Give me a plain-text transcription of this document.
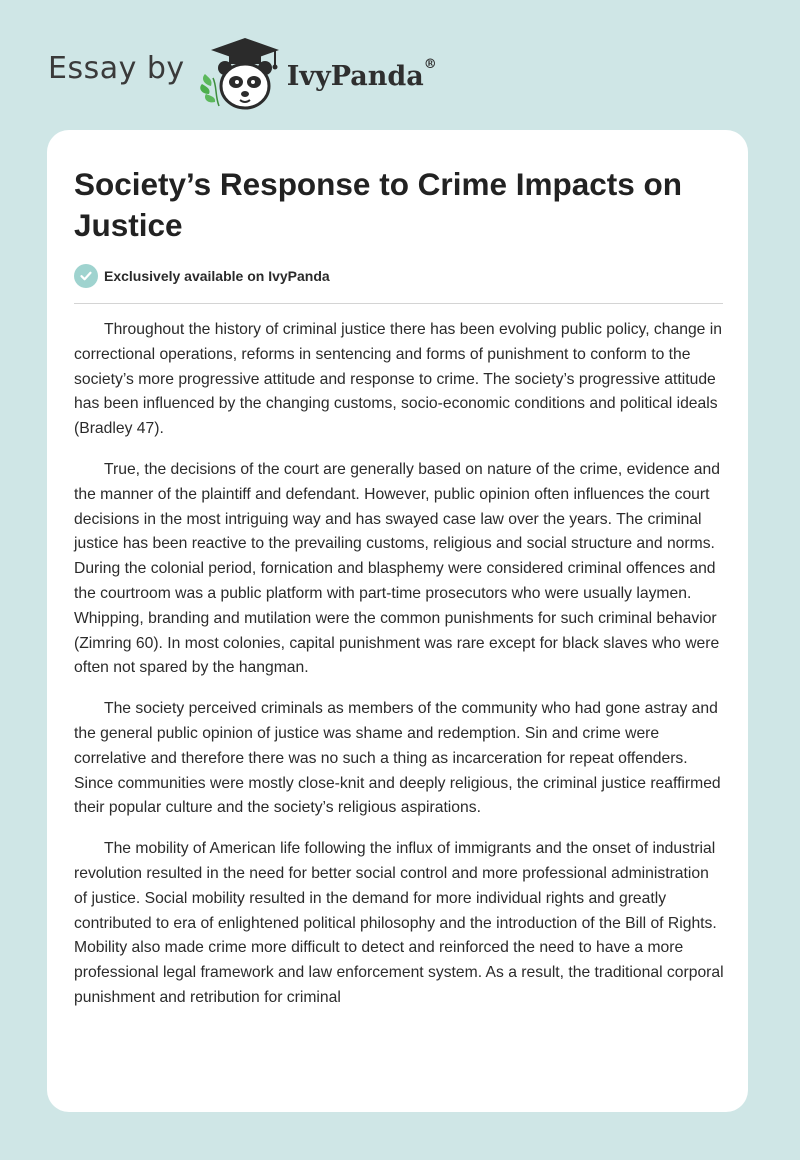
Essay by	IvyPanda®
Society’s Response to Crime Impacts on Justice
Exclusively available on IvyPanda

Throughout the history of criminal justice there has been evolving public policy, change in correctional operations, reforms in sentencing and forms of punishment to conform to the society’s more progressive attitude and response to crime. The society’s progressive attitude has been influenced by the changing customs, socio-economic conditions and political ideals (Bradley 47).

True, the decisions of the court are generally based on nature of the crime, evidence and the manner of the plaintiff and defendant. However, public opinion often influences the court decisions in the most intriguing way and has swayed case law over the years. The criminal justice has been reactive to the prevailing customs, religious and social structure and norms. During the colonial period, fornication and blasphemy were considered criminal offences and the courtroom was a public platform with part-time prosecutors who were usually laymen. Whipping, branding and mutilation were the common punishments for such criminal behavior (Zimring 60). In most colonies, capital punishment was rare except for black slaves who were often not spared by the hangman.

The society perceived criminals as members of the community who had gone astray and the general public opinion of justice was shame and redemption. Sin and crime were correlative and therefore there was no such a thing as incarceration for repeat offenders. Since communities were mostly close-knit and deeply religious, the criminal justice reaffirmed their popular culture and the society’s religious aspirations.

The mobility of American life following the influx of immigrants and the onset of industrial revolution resulted in the need for better social control and more professional administration of justice. Social mobility resulted in the demand for more individual rights and greatly contributed to era of enlightened political philosophy and the introduction of the Bill of Rights. Mobility also made crime more difficult to detect and reinforced the need to have a more professional legal framework and law enforcement system. As a result, the traditional corporal punishment and retribution for criminal
